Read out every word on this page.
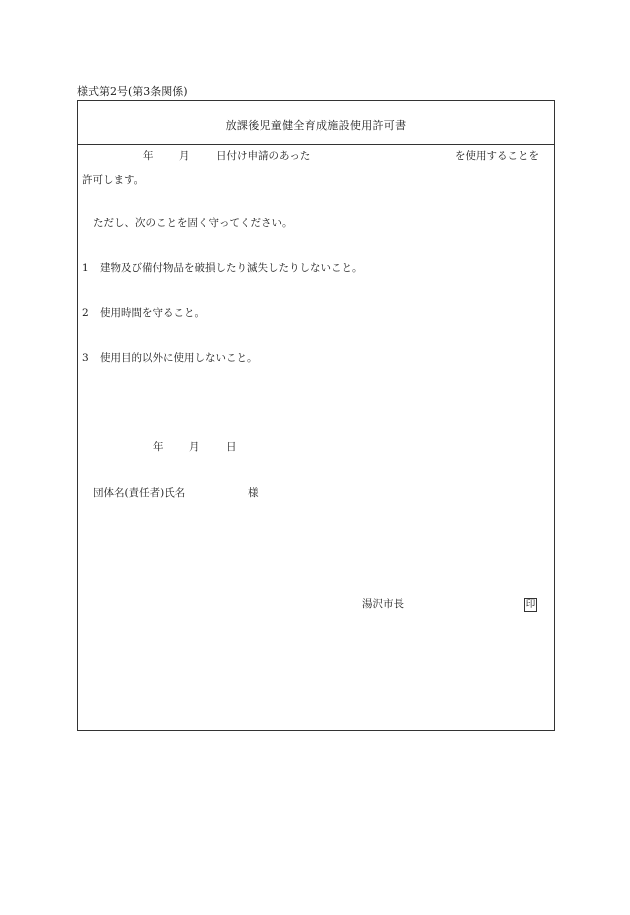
様式第2号(第3条関係)
放課後児童健全育成施設使用許可書
年 月	日付け申請のあった	を使用することを
許可します。
ただし、次のことを固く守ってください。
1 建物及び備付物品を破損したり滅失したりしないこと。
2 使用時間を守ること。
3 使用目的以外に使用しないこと。
年 月	日
団体名(責任者)氏名	様
湯沢市長	印
